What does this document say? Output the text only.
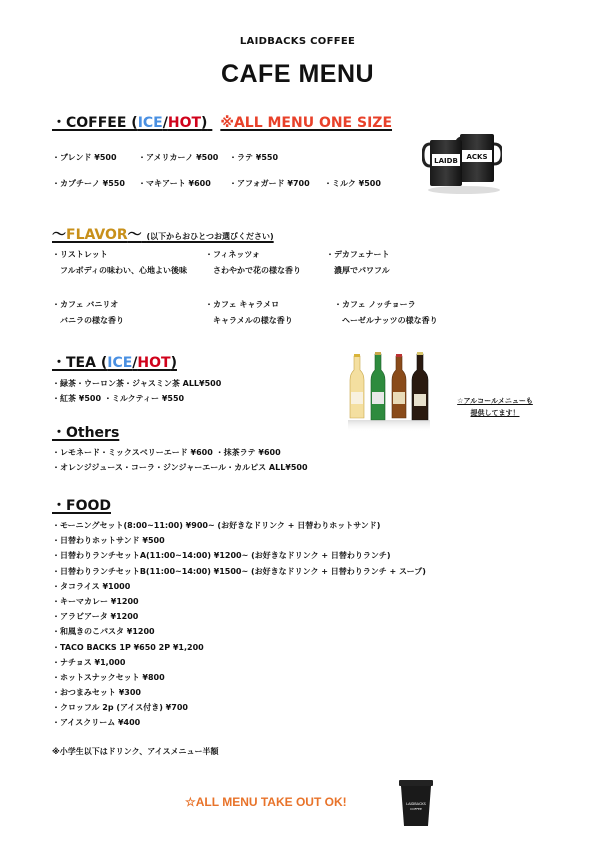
LAIDBACKS COFFEE
CAFE MENU
・COFFEE (ICE/HOT) ※ALL MENU ONE SIZE
・ブレンド ¥500	・アメリカーノ ¥500 ・ラテ ¥550
・カプチーノ ¥550 ・マキアート ¥600 ・アフォガード ¥700 ・ミルク ¥500
ACKS
LAIDB
〜FLAVOR〜 (以下からおひとつお選びください)
・リストレット
フルボディの味わい、心地よい後味
・フィネッツォ
さわやかで花の様な香り
・デカフェナート
濃厚でパワフル
・カフェ バニリオ
バニラの様な香り
・カフェ キャラメロ
キャラメルの様な香り
・カフェ ノッチョーラ
ヘーゼルナッツの様な香り
・TEA (ICE/HOT)
・緑茶・ウーロン茶・ジャスミン茶 ALL¥500
・紅茶 ¥500 ・ミルクティー ¥550	☆アルコールメニューも
提供してます！
・Others
・レモネード・ミックスベリーエード ¥600 ・抹茶ラテ ¥600
・オレンジジュース・コーラ・ジンジャーエール・カルピス ALL¥500
・FOOD
・モーニングセット(8:00~11:00) ¥900~ (お好きなドリンク + 日替わりホットサンド)
・日替わりホットサンド ¥500
・日替わりランチセットA(11:00~14:00) ¥1200~ (お好きなドリンク + 日替わりランチ)
・日替わりランチセットB(11:00~14:00) ¥1500~ (お好きなドリンク + 日替わりランチ + スープ)
・タコライス ¥1000
・キーマカレー ¥1200
・アラビアータ ¥1200
・和風きのこパスタ ¥1200
・TACO BACKS 1P ¥650 2P ¥1,200
・ナチョス ¥1,000
・ホットスナックセット ¥800
・おつまみセット ¥300
・クロッフル 2p (アイス付き) ¥700
・アイスクリーム ¥400
※小学生以下はドリンク、アイスメニュー半額
☆ALL MENU TAKE OUT OK!	LAIDBACKS
COFFEE
